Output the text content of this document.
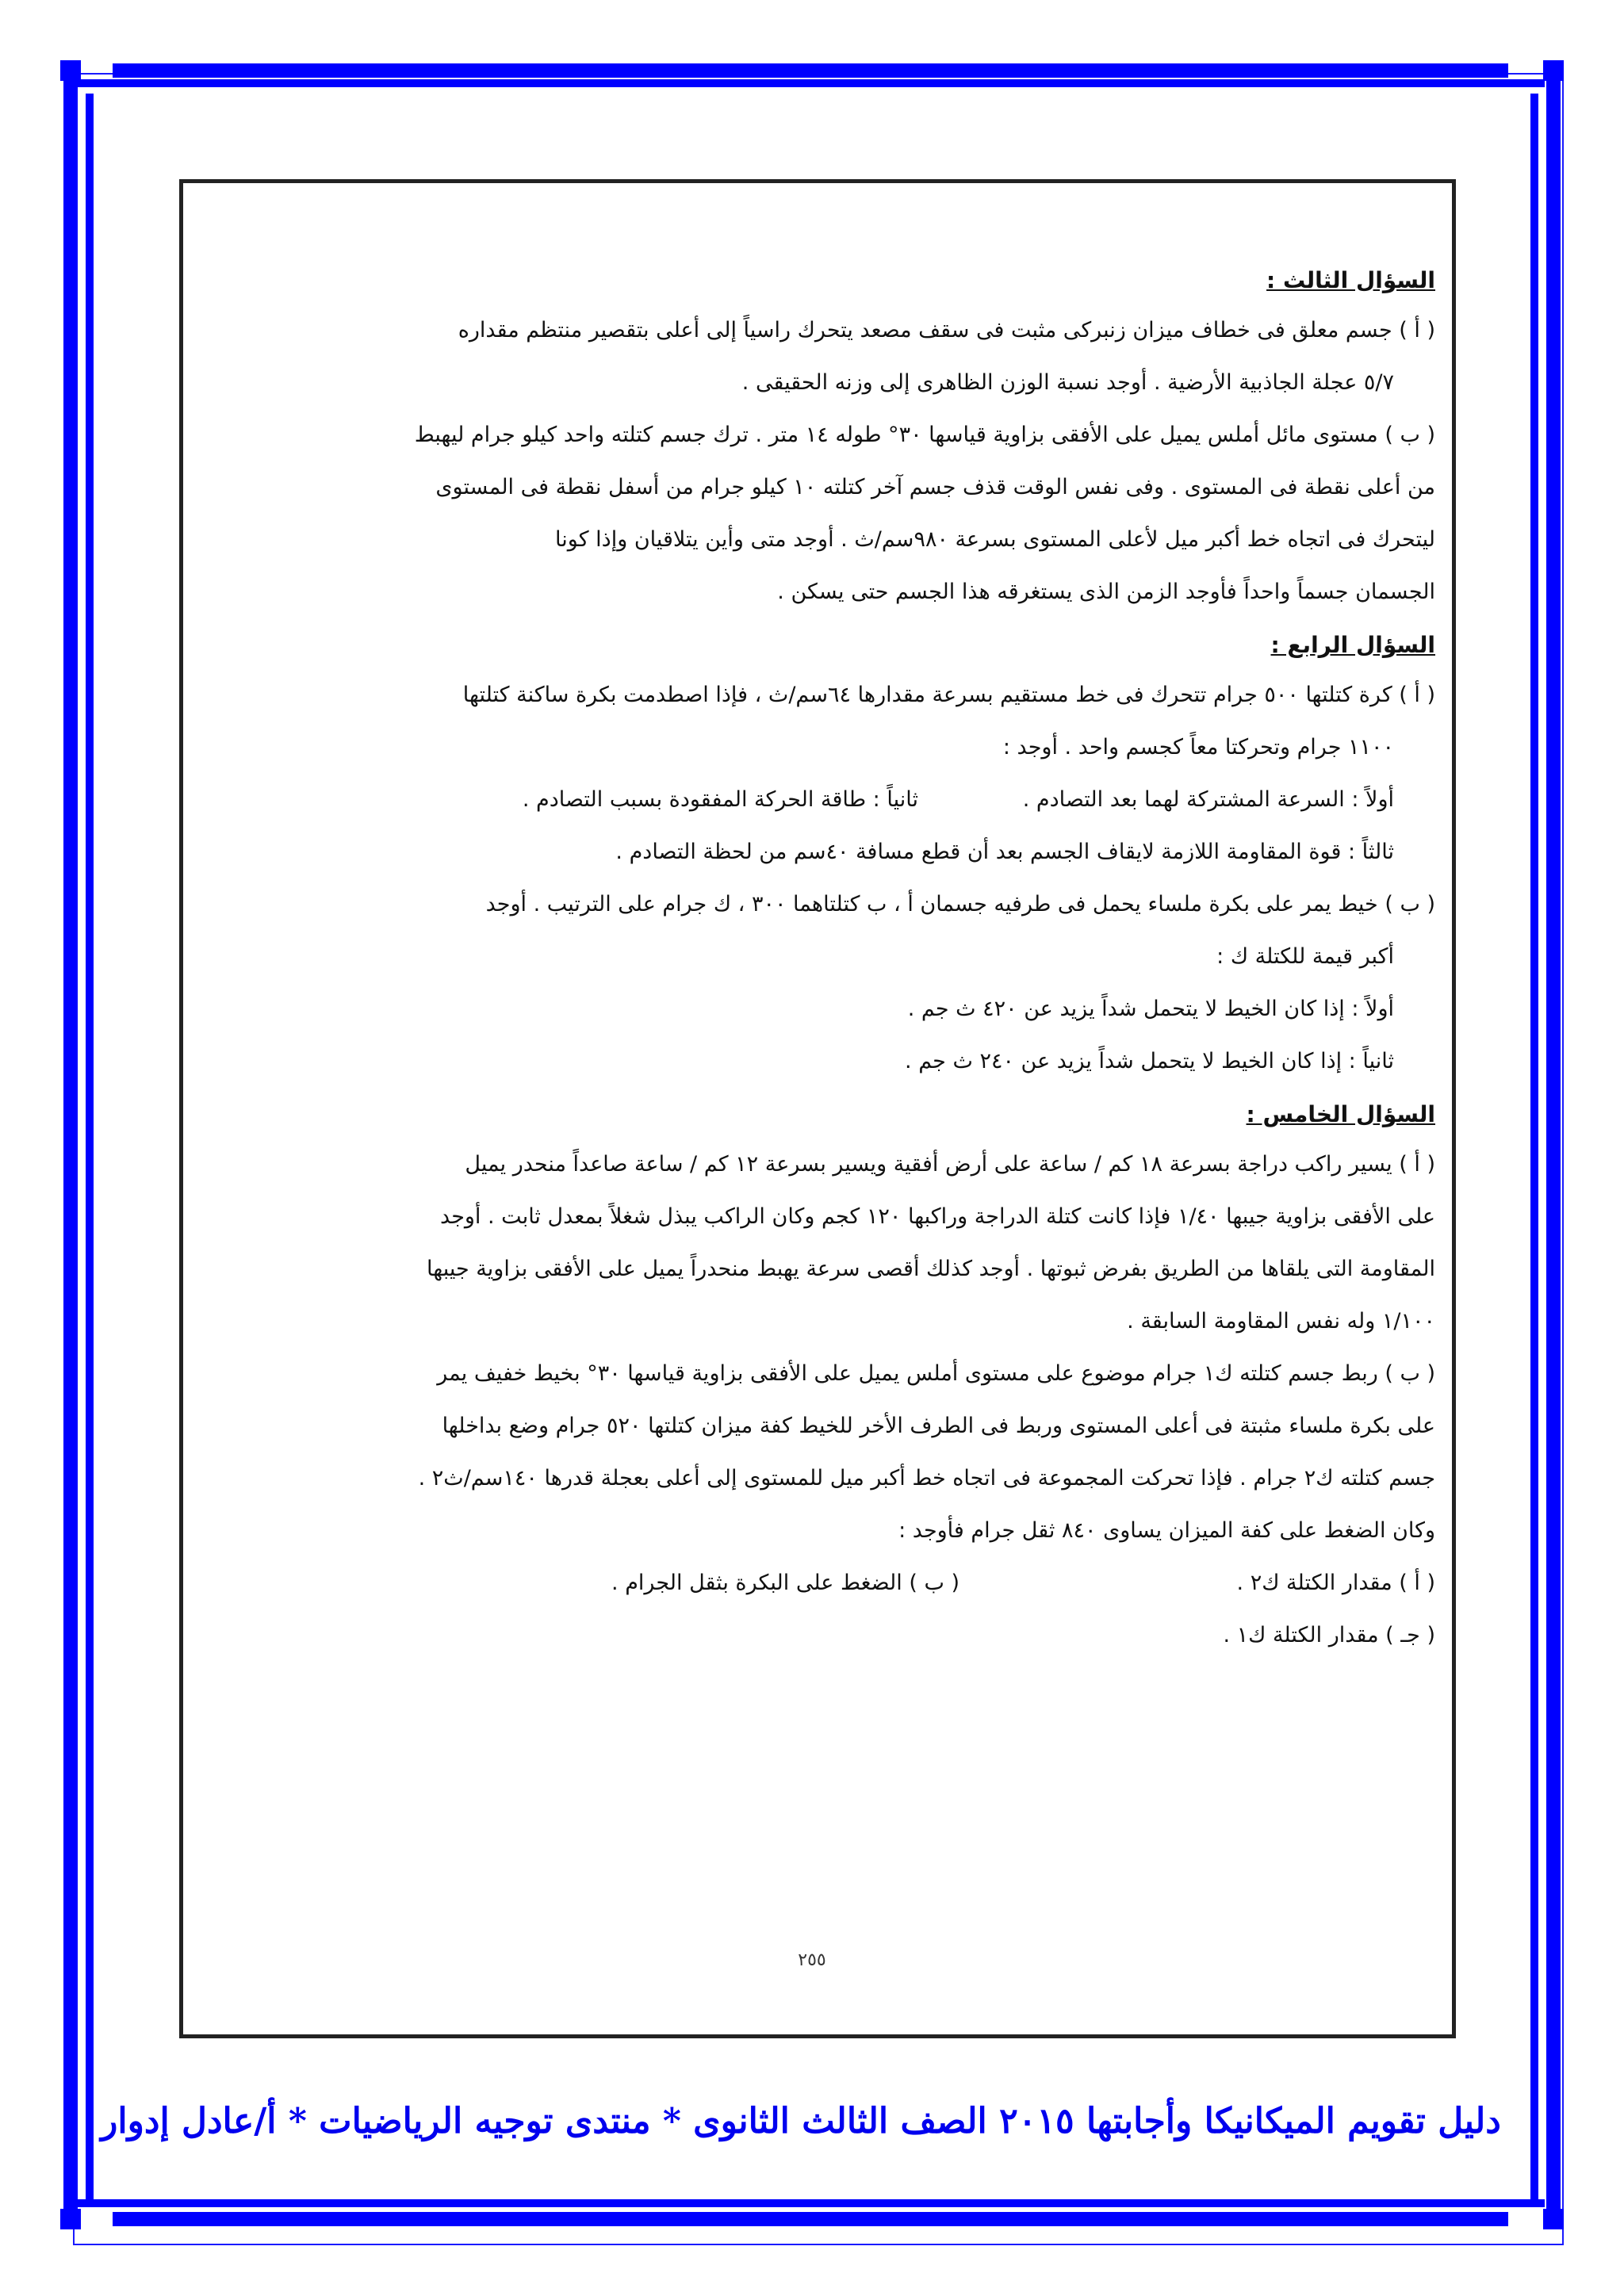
السؤال الثالث :
( أ ) جسم معلق فى خطاف ميزان زنبركى مثبت فى سقف مصعد يتحرك راسياً إلى أعلى بتقصير منتظم مقداره
٥/٧ عجلة الجاذبية الأرضية . أوجد نسبة الوزن الظاهرى إلى وزنه الحقيقى .
( ب ) مستوى مائل أملس يميل على الأفقى بزاوية قياسها ٣٠° طوله ١٤ متر . ترك جسم كتلته واحد كيلو جرام ليهبط
من أعلى نقطة فى المستوى . وفى نفس الوقت قذف جسم آخر كتلته ١٠ كيلو جرام من أسفل نقطة فى المستوى
ليتحرك فى اتجاه خط أكبر ميل لأعلى المستوى بسرعة ٩٨٠سم/ث . أوجد متى وأين يتلاقيان وإذا كونا
الجسمان جسماً واحداً فأوجد الزمن الذى يستغرقه هذا الجسم حتى يسكن .
السؤال الرابع :
( أ ) كرة كتلتها ٥٠٠ جرام تتحرك فى خط مستقيم بسرعة مقدارها ٦٤سم/ث ، فإذا اصطدمت بكرة ساكنة كتلتها
١١٠٠ جرام وتحركتا معاً كجسم واحد . أوجد :
أولاً : السرعة المشتركة لهما بعد التصادم .
ثانياً : طاقة الحركة المفقودة بسبب التصادم .
ثالثاً : قوة المقاومة اللازمة لايقاف الجسم بعد أن قطع مسافة ٤٠سم من لحظة التصادم .
( ب ) خيط يمر على بكرة ملساء يحمل فى طرفيه جسمان أ ، ب كتلتاهما ٣٠٠ ، ك جرام على الترتيب . أوجد
أكبر قيمة للكتلة ك :
أولاً : إذا كان الخيط لا يتحمل شداً يزيد عن ٤٢٠ ث جم .
ثانياً : إذا كان الخيط لا يتحمل شداً يزيد عن ٢٤٠ ث جم .
السؤال الخامس :
( أ ) يسير راكب دراجة بسرعة ١٨ كم / ساعة على أرض أفقية ويسير بسرعة ١٢ كم / ساعة صاعداً منحدر يميل
على الأفقى بزاوية جيبها ١/٤٠ فإذا كانت كتلة الدراجة وراكبها ١٢٠ كجم وكان الراكب يبذل شغلاً بمعدل ثابت . أوجد
المقاومة التى يلقاها من الطريق بفرض ثبوتها . أوجد كذلك أقصى سرعة يهبط منحدراً يميل على الأفقى بزاوية جيبها
١/١٠٠ وله نفس المقاومة السابقة .
( ب ) ربط جسم كتلته ك١ جرام موضوع على مستوى أملس يميل على الأفقى بزاوية قياسها ٣٠° بخيط خفيف يمر
على بكرة ملساء مثبتة فى أعلى المستوى وربط فى الطرف الأخر للخيط كفة ميزان كتلتها ٥٢٠ جرام وضع بداخلها
جسم كتلته ك٢ جرام . فإذا تحركت المجموعة فى اتجاه خط أكبر ميل للمستوى إلى أعلى بعجلة قدرها ١٤٠سم/ث٢ .
وكان الضغط على كفة الميزان يساوى ٨٤٠ ثقل جرام فأوجد :
( أ ) مقدار الكتلة ك٢ .
( ب ) الضغط على البكرة بثقل الجرام .
( جـ ) مقدار الكتلة ك١ .
٢٥٥
دليل تقويم الميكانيكا وأجابتها ٢٠١٥ الصف الثالث الثانوى * منتدى توجيه الرياضيات * أ/عادل إدوار
